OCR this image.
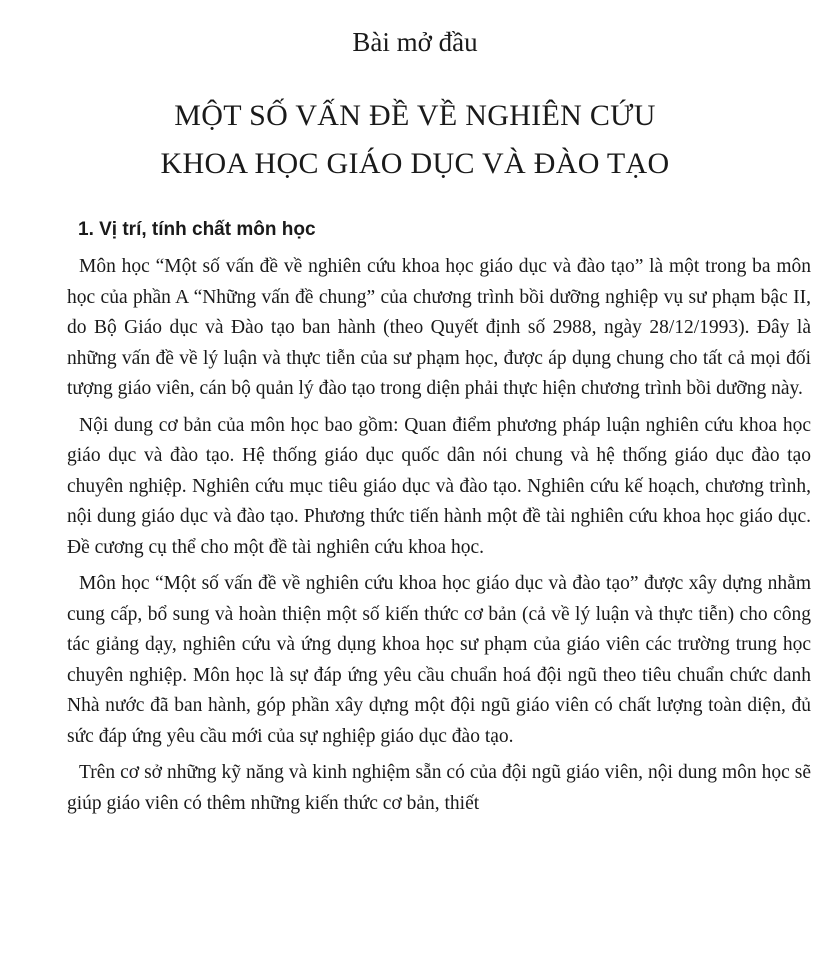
Bài mở đầu
MỘT SỐ VẤN ĐỀ VỀ NGHIÊN CỨU
KHOA HỌC GIÁO DỤC VÀ ĐÀO TẠO
1. Vị trí, tính chất môn học

Môn học “Một số vấn đề về nghiên cứu khoa học giáo dục và đào tạo” là một trong ba môn học của phần A “Những vấn đề chung” của chương trình bồi dưỡng nghiệp vụ sư phạm bậc II, do Bộ Giáo dục và Đào tạo ban hành (theo Quyết định số 2988, ngày 28/12/1993). Đây là những vấn đề về lý luận và thực tiễn của sư phạm học, được áp dụng chung cho tất cả mọi đối tượng giáo viên, cán bộ quản lý đào tạo trong diện phải thực hiện chương trình bồi dưỡng này.

Nội dung cơ bản của môn học bao gồm: Quan điểm phương pháp luận nghiên cứu khoa học giáo dục và đào tạo. Hệ thống giáo dục quốc dân nói chung và hệ thống giáo dục đào tạo chuyên nghiệp. Nghiên cứu mục tiêu giáo dục và đào tạo. Nghiên cứu kế hoạch, chương trình, nội dung giáo dục và đào tạo. Phương thức tiến hành một đề tài nghiên cứu khoa học giáo dục. Đề cương cụ thể cho một đề tài nghiên cứu khoa học.

Môn học “Một số vấn đề về nghiên cứu khoa học giáo dục và đào tạo” được xây dựng nhằm cung cấp, bổ sung và hoàn thiện một số kiến thức cơ bản (cả về lý luận và thực tiễn) cho công tác giảng dạy, nghiên cứu và ứng dụng khoa học sư phạm của giáo viên các trường trung học chuyên nghiệp. Môn học là sự đáp ứng yêu cầu chuẩn hoá đội ngũ theo tiêu chuẩn chức danh Nhà nước đã ban hành, góp phần xây dựng một đội ngũ giáo viên có chất lượng toàn diện, đủ sức đáp ứng yêu cầu mới của sự nghiệp giáo dục đào tạo.

Trên cơ sở những kỹ năng và kinh nghiệm sẵn có của đội ngũ giáo viên, nội dung môn học sẽ giúp giáo viên có thêm những kiến thức cơ bản, thiết
